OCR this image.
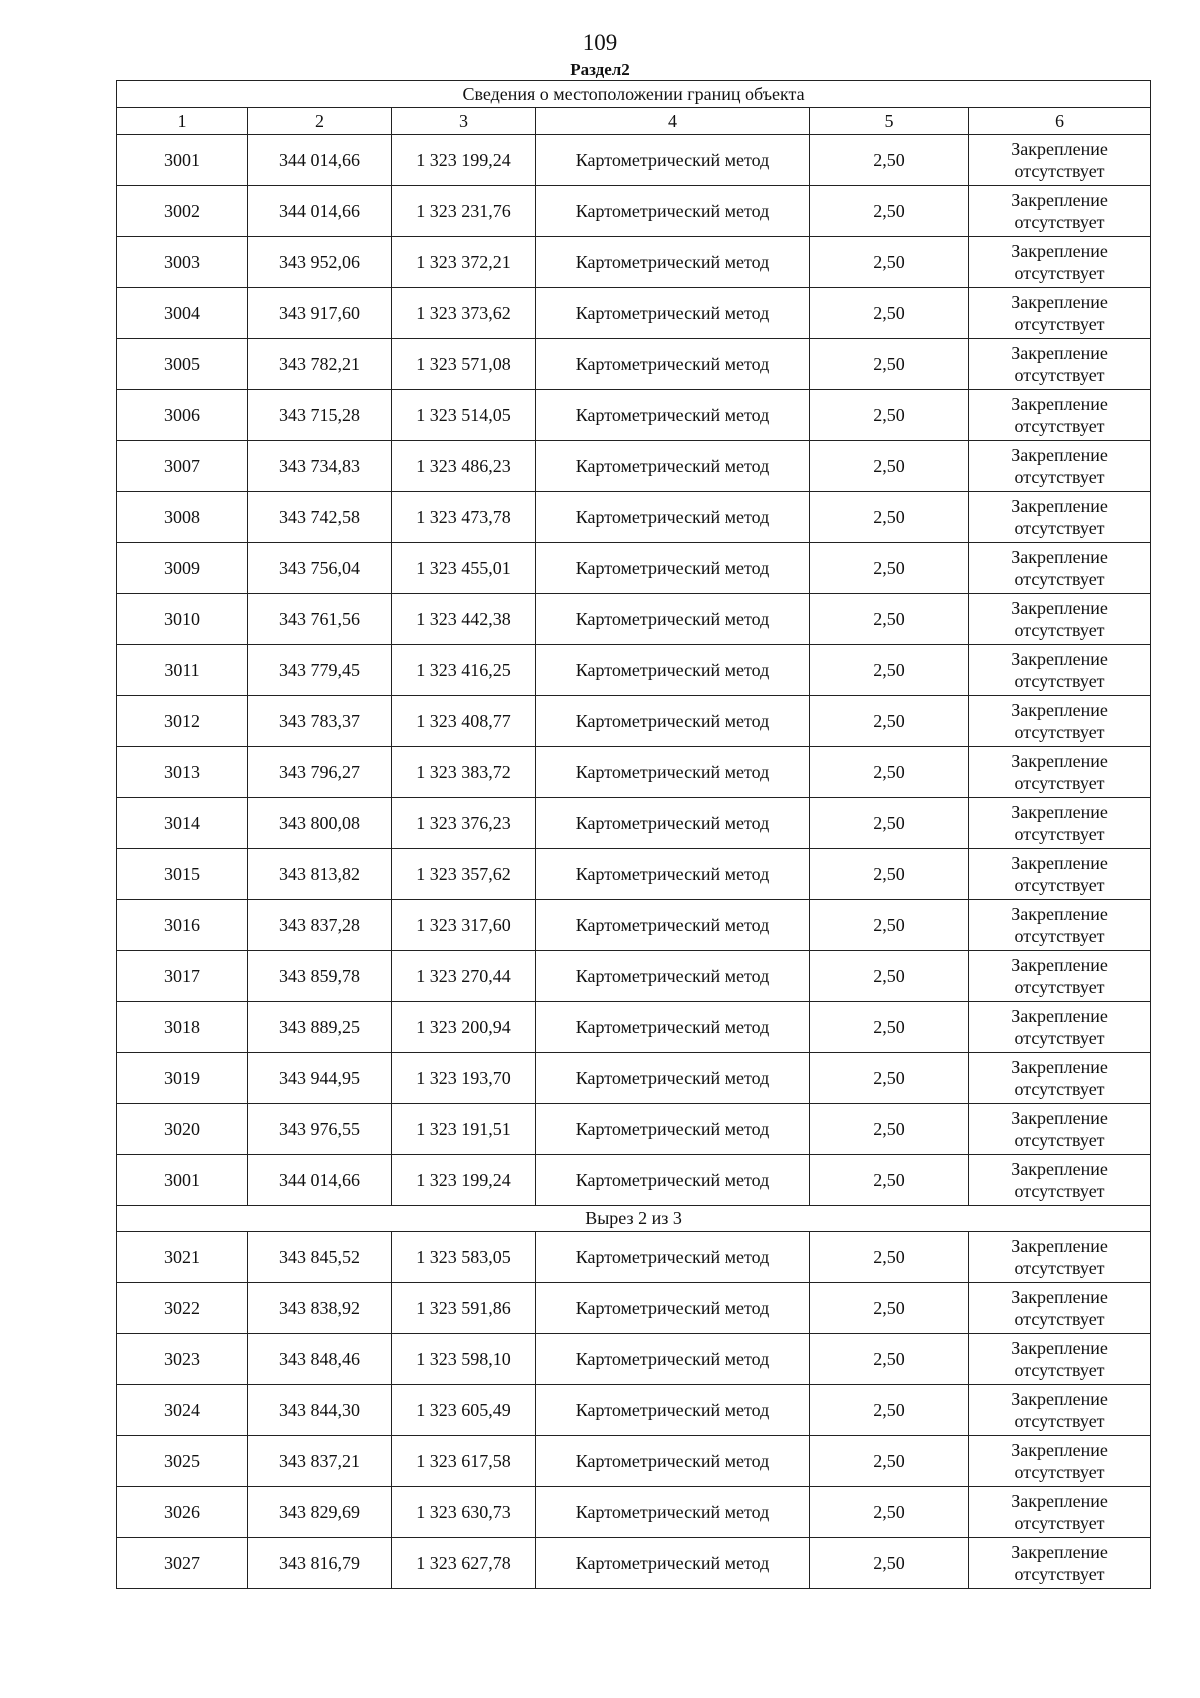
109
Раздел2
Сведения о местоположении границ объекта					
1	2	3	4	5	6
3001	344 014,66	1 323 199,24	Картометрический метод	2,50	Закрепление отсутствует
3002	344 014,66	1 323 231,76	Картометрический метод	2,50	Закрепление отсутствует
3003	343 952,06	1 323 372,21	Картометрический метод	2,50	Закрепление отсутствует
3004	343 917,60	1 323 373,62	Картометрический метод	2,50	Закрепление отсутствует
3005	343 782,21	1 323 571,08	Картометрический метод	2,50	Закрепление отсутствует
3006	343 715,28	1 323 514,05	Картометрический метод	2,50	Закрепление отсутствует
3007	343 734,83	1 323 486,23	Картометрический метод	2,50	Закрепление отсутствует
3008	343 742,58	1 323 473,78	Картометрический метод	2,50	Закрепление отсутствует
3009	343 756,04	1 323 455,01	Картометрический метод	2,50	Закрепление отсутствует
3010	343 761,56	1 323 442,38	Картометрический метод	2,50	Закрепление отсутствует
3011	343 779,45	1 323 416,25	Картометрический метод	2,50	Закрепление отсутствует
3012	343 783,37	1 323 408,77	Картометрический метод	2,50	Закрепление отсутствует
3013	343 796,27	1 323 383,72	Картометрический метод	2,50	Закрепление отсутствует
3014	343 800,08	1 323 376,23	Картометрический метод	2,50	Закрепление отсутствует
3015	343 813,82	1 323 357,62	Картометрический метод	2,50	Закрепление отсутствует
3016	343 837,28	1 323 317,60	Картометрический метод	2,50	Закрепление отсутствует
3017	343 859,78	1 323 270,44	Картометрический метод	2,50	Закрепление отсутствует
3018	343 889,25	1 323 200,94	Картометрический метод	2,50	Закрепление отсутствует
3019	343 944,95	1 323 193,70	Картометрический метод	2,50	Закрепление отсутствует
3020	343 976,55	1 323 191,51	Картометрический метод	2,50	Закрепление отсутствует
3001	344 014,66	1 323 199,24	Картометрический метод	2,50	Закрепление отсутствует
Вырез 2 из 3					
3021	343 845,52	1 323 583,05	Картометрический метод	2,50	Закрепление отсутствует
3022	343 838,92	1 323 591,86	Картометрический метод	2,50	Закрепление отсутствует
3023	343 848,46	1 323 598,10	Картометрический метод	2,50	Закрепление отсутствует
3024	343 844,30	1 323 605,49	Картометрический метод	2,50	Закрепление отсутствует
3025	343 837,21	1 323 617,58	Картометрический метод	2,50	Закрепление отсутствует
3026	343 829,69	1 323 630,73	Картометрический метод	2,50	Закрепление отсутствует
3027	343 816,79	1 323 627,78	Картометрический метод	2,50	Закрепление отсутствует
